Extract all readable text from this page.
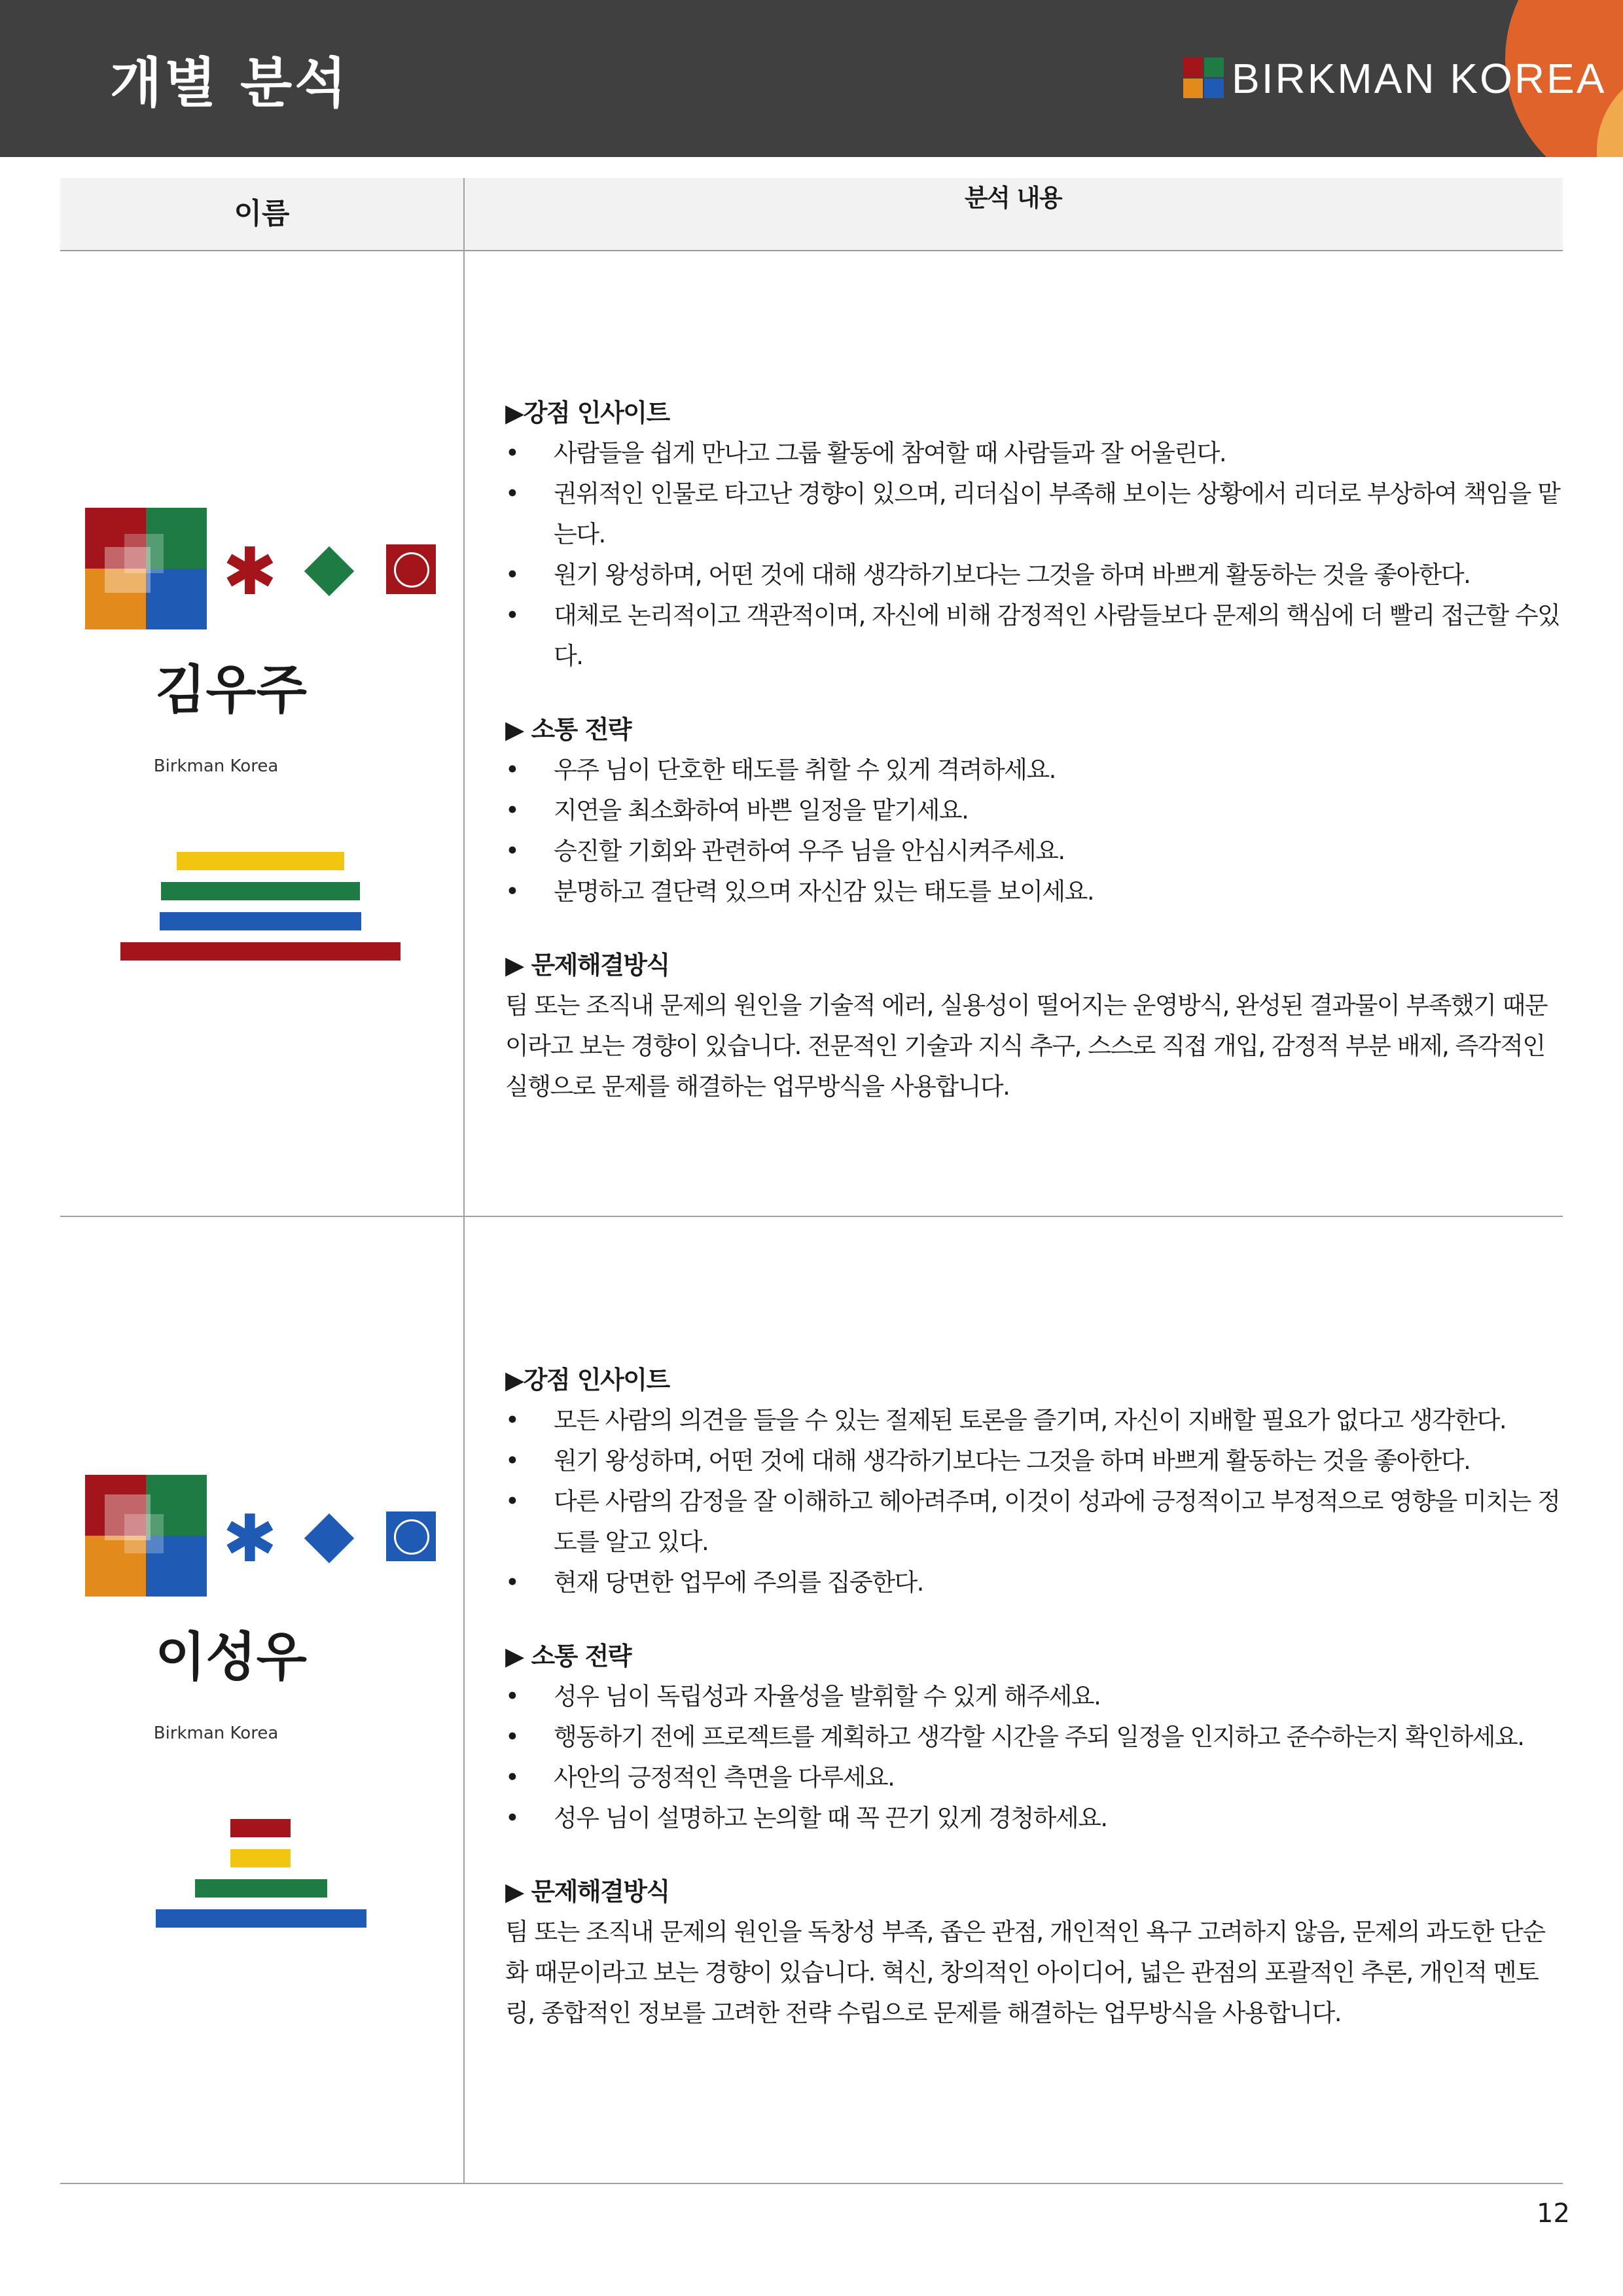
개별 분석	BIRKMAN KOREA
이름	분석 내용
✱
김우주
Birkman Korea
▶강점 인사이트
• 사람들을 쉽게 만나고 그룹 활동에 참여할 때 사람들과 잘 어울린다.
• 권위적인 인물로 타고난 경향이 있으며, 리더십이 부족해 보이는 상황에서 리더로 부상하여 책임을 맡는다.
• 원기 왕성하며, 어떤 것에 대해 생각하기보다는 그것을 하며 바쁘게 활동하는 것을 좋아한다.
• 대체로 논리적이고 객관적이며, 자신에 비해 감정적인 사람들보다 문제의 핵심에 더 빨리 접근할 수있다.
▶ 소통 전략
• 우주 님이 단호한 태도를 취할 수 있게 격려하세요.
• 지연을 최소화하여 바쁜 일정을 맡기세요.
• 승진할 기회와 관련하여 우주 님을 안심시켜주세요.
• 분명하고 결단력 있으며 자신감 있는 태도를 보이세요.
▶ 문제해결방식
팀 또는 조직내 문제의 원인을 기술적 에러, 실용성이 떨어지는 운영방식, 완성된 결과물이 부족했기 때문이라고 보는 경향이 있습니다. 전문적인 기술과 지식 추구, 스스로 직접 개입, 감정적 부분 배제, 즉각적인 실행으로 문제를 해결하는 업무방식을 사용합니다.
✱
이성우
Birkman Korea
▶강점 인사이트
• 모든 사람의 의견을 들을 수 있는 절제된 토론을 즐기며, 자신이 지배할 필요가 없다고 생각한다.
• 원기 왕성하며, 어떤 것에 대해 생각하기보다는 그것을 하며 바쁘게 활동하는 것을 좋아한다.
• 다른 사람의 감정을 잘 이해하고 헤아려주며, 이것이 성과에 긍정적이고 부정적으로 영향을 미치는 정도를 알고 있다.
• 현재 당면한 업무에 주의를 집중한다.
▶ 소통 전략
• 성우 님이 독립성과 자율성을 발휘할 수 있게 해주세요.
• 행동하기 전에 프로젝트를 계획하고 생각할 시간을 주되 일정을 인지하고 준수하는지 확인하세요.
• 사안의 긍정적인 측면을 다루세요.
• 성우 님이 설명하고 논의할 때 꼭 끈기 있게 경청하세요.
▶ 문제해결방식
팀 또는 조직내 문제의 원인을 독창성 부족, 좁은 관점, 개인적인 욕구 고려하지 않음, 문제의 과도한 단순화 때문이라고 보는 경향이 있습니다. 혁신, 창의적인 아이디어, 넓은 관점의 포괄적인 추론, 개인적 멘토링, 종합적인 정보를 고려한 전략 수립으로 문제를 해결하는 업무방식을 사용합니다.
12
